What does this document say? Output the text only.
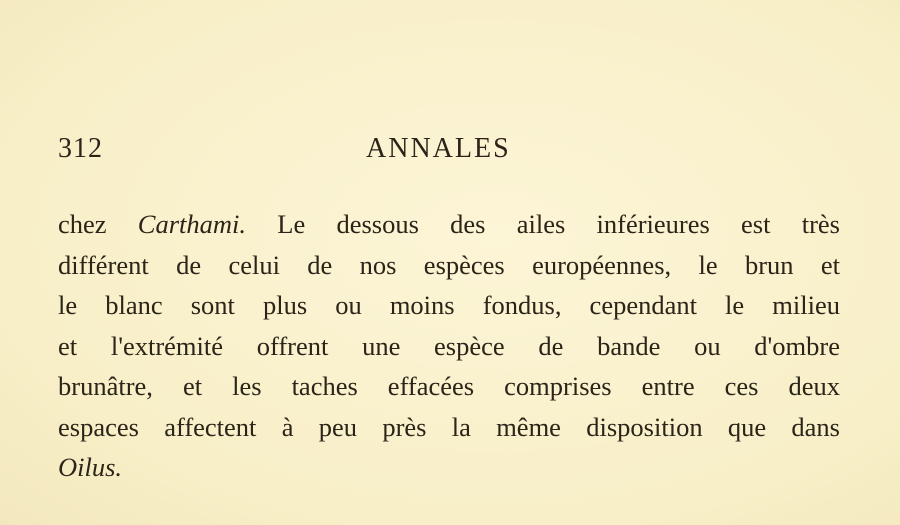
312	ANNALES
chez Carthami. Le dessous des ailes inférieures est très
différent de celui de nos espèces européennes, le brun et
le blanc sont plus ou moins fondus, cependant le milieu
et l'extrémité offrent une espèce de bande ou d'ombre
brunâtre, et les taches effacées comprises entre ces deux
espaces affectent à peu près la même disposition que dans
Oilus.
